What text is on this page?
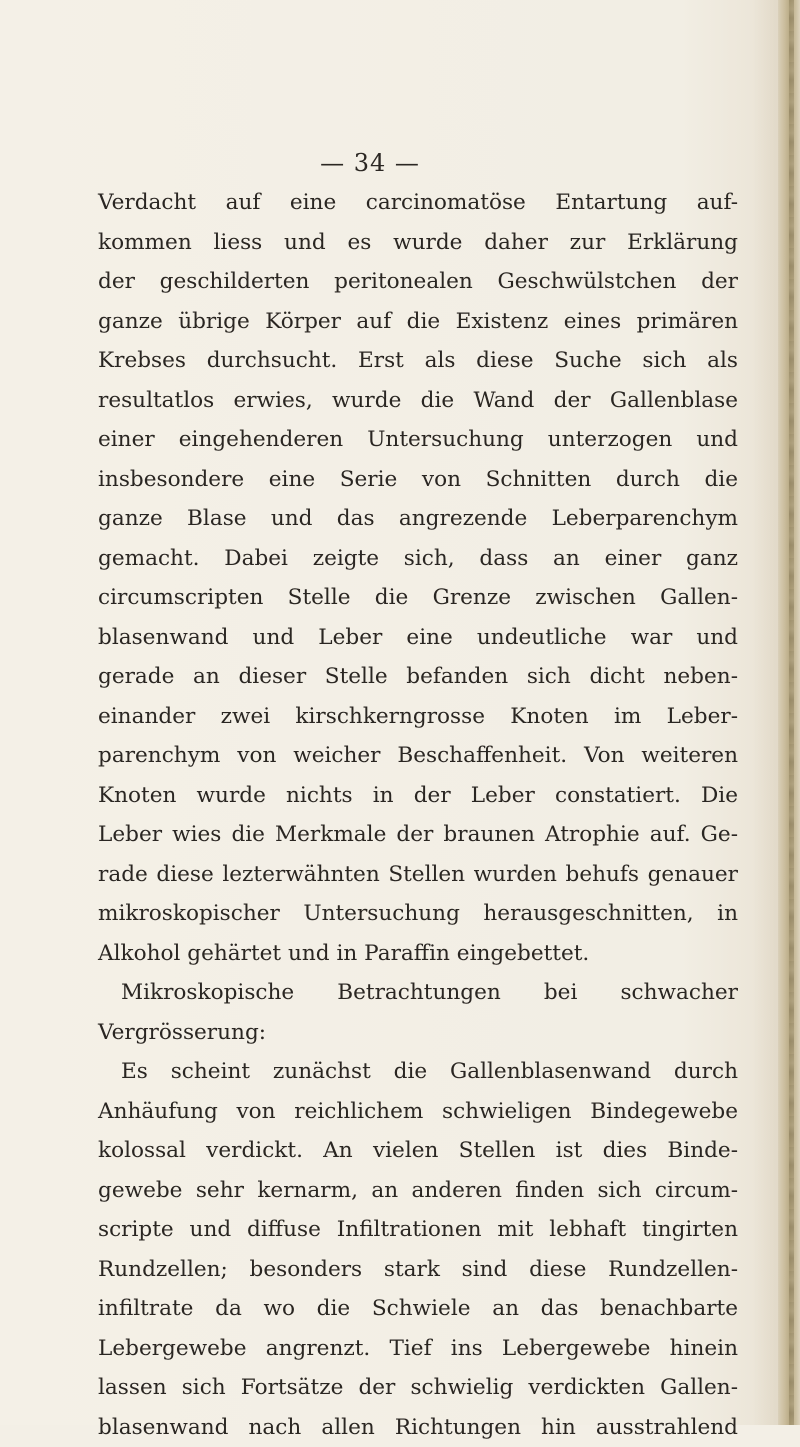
— 34 —
Verdacht auf eine carcinomatöse Entartung auf-
kommen liess und es wurde daher zur Erklärung
der geschilderten peritonealen Geschwülstchen der
ganze übrige Körper auf die Existenz eines primären
Krebses durchsucht. Erst als diese Suche sich als
resultatlos erwies, wurde die Wand der Gallenblase
einer eingehenderen Untersuchung unterzogen und
insbesondere eine Serie von Schnitten durch die
ganze Blase und das angrezende Leberparenchym
gemacht. Dabei zeigte sich, dass an einer ganz
circumscripten Stelle die Grenze zwischen Gallen-
blasenwand und Leber eine undeutliche war und
gerade an dieser Stelle befanden sich dicht neben-
einander zwei kirschkerngrosse Knoten im Leber-
parenchym von weicher Beschaffenheit. Von weiteren
Knoten wurde nichts in der Leber constatiert. Die
Leber wies die Merkmale der braunen Atrophie auf. Ge-
rade diese lezterwähnten Stellen wurden behufs genauer
mikroskopischer Untersuchung herausgeschnitten, in
Alkohol gehärtet und in Paraffin eingebettet.
Mikroskopische Betrachtungen bei schwacher
Vergrösserung:
Es scheint zunächst die Gallenblasenwand durch
Anhäufung von reichlichem schwieligen Bindegewebe
kolossal verdickt. An vielen Stellen ist dies Binde-
gewebe sehr kernarm, an anderen finden sich circum-
scripte und diffuse Infiltrationen mit lebhaft tingirten
Rundzellen; besonders stark sind diese Rundzellen-
infiltrate da wo die Schwiele an das benachbarte
Lebergewebe angrenzt. Tief ins Lebergewebe hinein
lassen sich Fortsätze der schwielig verdickten Gallen-
blasenwand nach allen Richtungen hin ausstrahlend
